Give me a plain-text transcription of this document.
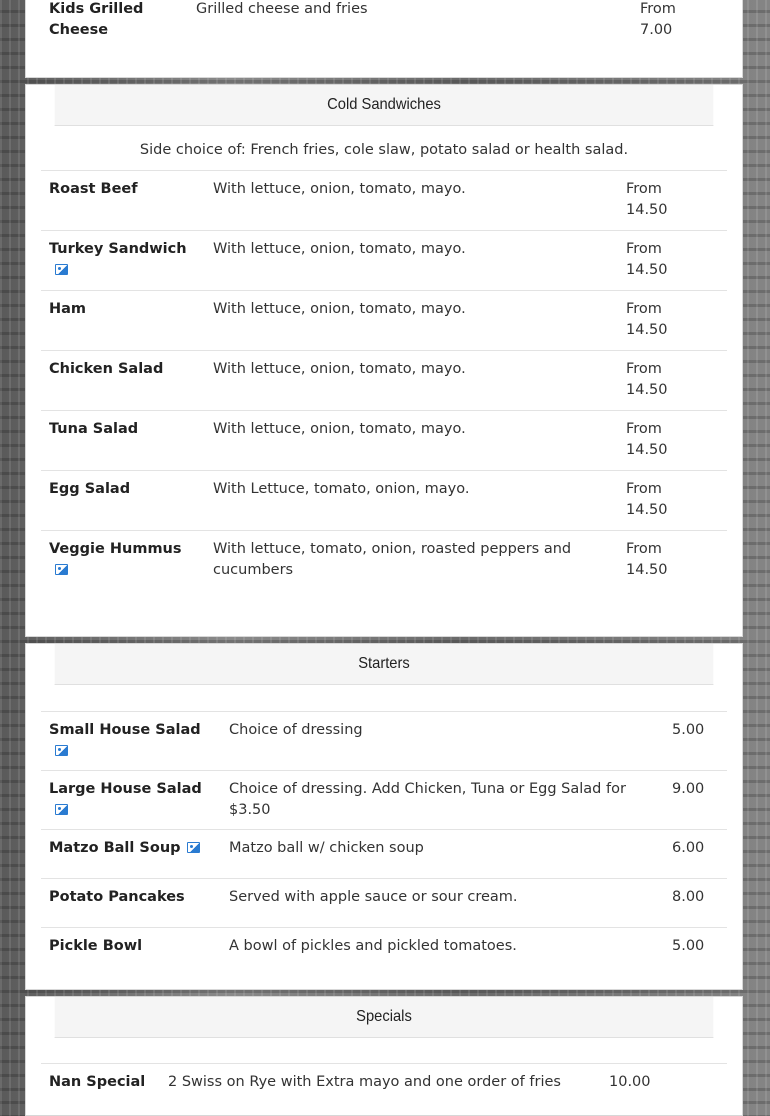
Kids Grilled Cheese
Grilled cheese and fries	From
7.00
Cold Sandwiches
Side choice of: French fries, cole slaw, potato salad or health salad.
Roast Beef	With lettuce, onion, tomato, mayo.	From
14.50

Turkey Sandwich	With lettuce, onion, tomato, mayo.	From
14.50

Ham	With lettuce, onion, tomato, mayo.	From
14.50

Chicken Salad	With lettuce, onion, tomato, mayo.	From
14.50

Tuna Salad	With lettuce, onion, tomato, mayo.	From
14.50

Egg Salad	With Lettuce, tomato, onion, mayo.	From
14.50

Veggie Hummus	With lettuce, tomato, onion, roasted peppers and cucumbers	From
14.50
Starters
Small House Salad	Choice of dressing	5.00

Large House Salad	Choice of dressing. Add Chicken, Tuna or Egg Salad for $3.50	9.00

Matzo Ball Soup	Matzo ball w/ chicken soup	6.00

Potato Pancakes	Served with apple sauce or sour cream.	8.00

Pickle Bowl	A bowl of pickles and pickled tomatoes.	5.00
Specials
Nan Special	2 Swiss on Rye with Extra mayo and one order of fries	10.00
